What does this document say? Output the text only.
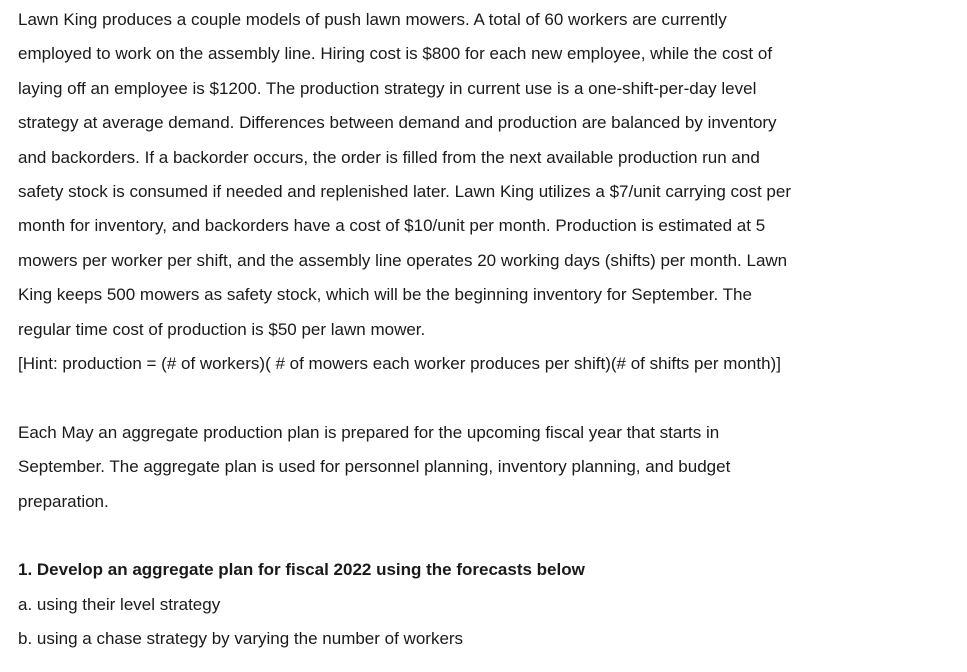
Lawn King produces a couple models of push lawn mowers. A total of 60 workers are currently

employed to work on the assembly line. Hiring cost is $800 for each new employee, while the cost of

laying off an employee is $1200. The production strategy in current use is a one-shift-per-day level

strategy at average demand. Differences between demand and production are balanced by inventory

and backorders. If a backorder occurs, the order is filled from the next available production run and

safety stock is consumed if needed and replenished later. Lawn King utilizes a $7/unit carrying cost per

month for inventory, and backorders have a cost of $10/unit per month. Production is estimated at 5

mowers per worker per shift, and the assembly line operates 20 working days (shifts) per month. Lawn

King keeps 500 mowers as safety stock, which will be the beginning inventory for September. The

regular time cost of production is $50 per lawn mower.

[Hint: production = (# of workers)( # of mowers each worker produces per shift)(# of shifts per month)]

Each May an aggregate production plan is prepared for the upcoming fiscal year that starts in

September. The aggregate plan is used for personnel planning, inventory planning, and budget

preparation.

1. Develop an aggregate plan for fiscal 2022 using the forecasts below

a. using their level strategy

b. using a chase strategy by varying the number of workers
